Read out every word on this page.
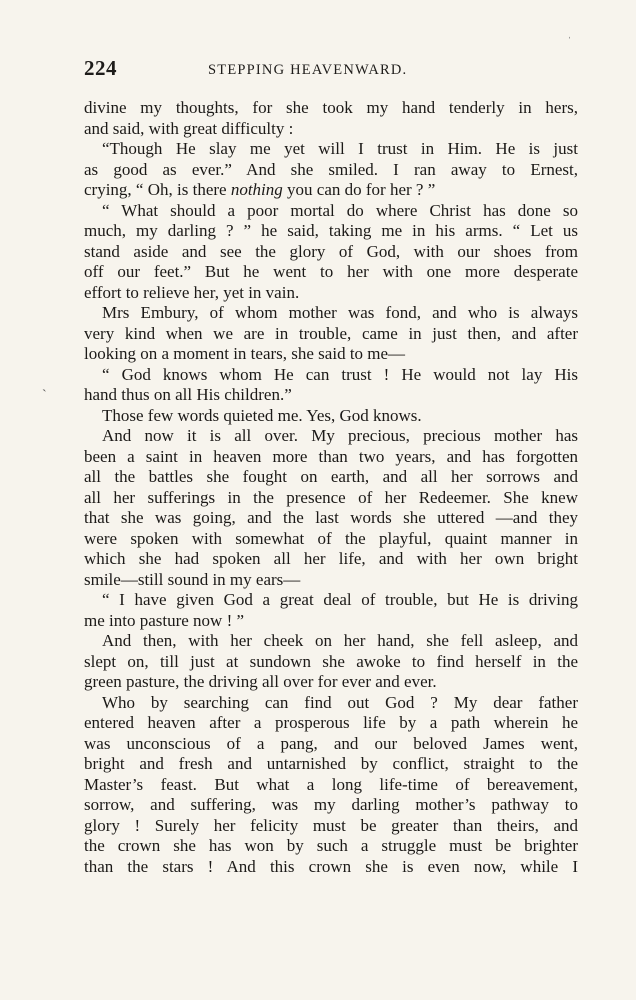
224	STEPPING HEAVENWARD.
divine my thoughts, for she took my hand tenderly in hers,
and said, with great difficulty :
“Though He slay me yet will I trust in Him. He is just
as good as ever.” And she smiled. I ran away to Ernest,
crying, “ Oh, is there nothing you can do for her ? ”
“ What should a poor mortal do where Christ has done so
much, my darling ? ” he said, taking me in his arms. “ Let us
stand aside and see the glory of God, with our shoes from
off our feet.” But he went to her with one more desperate
effort to relieve her, yet in vain.
Mrs Embury, of whom mother was fond, and who is always
very kind when we are in trouble, came in just then, and after
looking on a moment in tears, she said to me—
“ God knows whom He can trust ! He would not lay His
hand thus on all His children.”
Those few words quieted me. Yes, God knows.
And now it is all over. My precious, precious mother has
been a saint in heaven more than two years, and has forgotten
all the battles she fought on earth, and all her sorrows and
all her sufferings in the presence of her Redeemer. She knew
that she was going, and the last words she uttered —and they
were spoken with somewhat of the playful, quaint manner in
which she had spoken all her life, and with her own bright
smile—still sound in my ears—
“ I have given God a great deal of trouble, but He is driving
me into pasture now ! ”
And then, with her cheek on her hand, she fell asleep, and
slept on, till just at sundown she awoke to find herself in the
green pasture, the driving all over for ever and ever.
Who by searching can find out God ? My dear father
entered heaven after a prosperous life by a path wherein he
was unconscious of a pang, and our beloved James went,
bright and fresh and untarnished by conflict, straight to the
Master’s feast. But what a long life-time of bereavement,
sorrow, and suffering, was my darling mother’s pathway to
glory ! Surely her felicity must be greater than theirs, and
the crown she has won by such a struggle must be brighter
than the stars ! And this crown she is even now, while I
ˈ
ˋ
